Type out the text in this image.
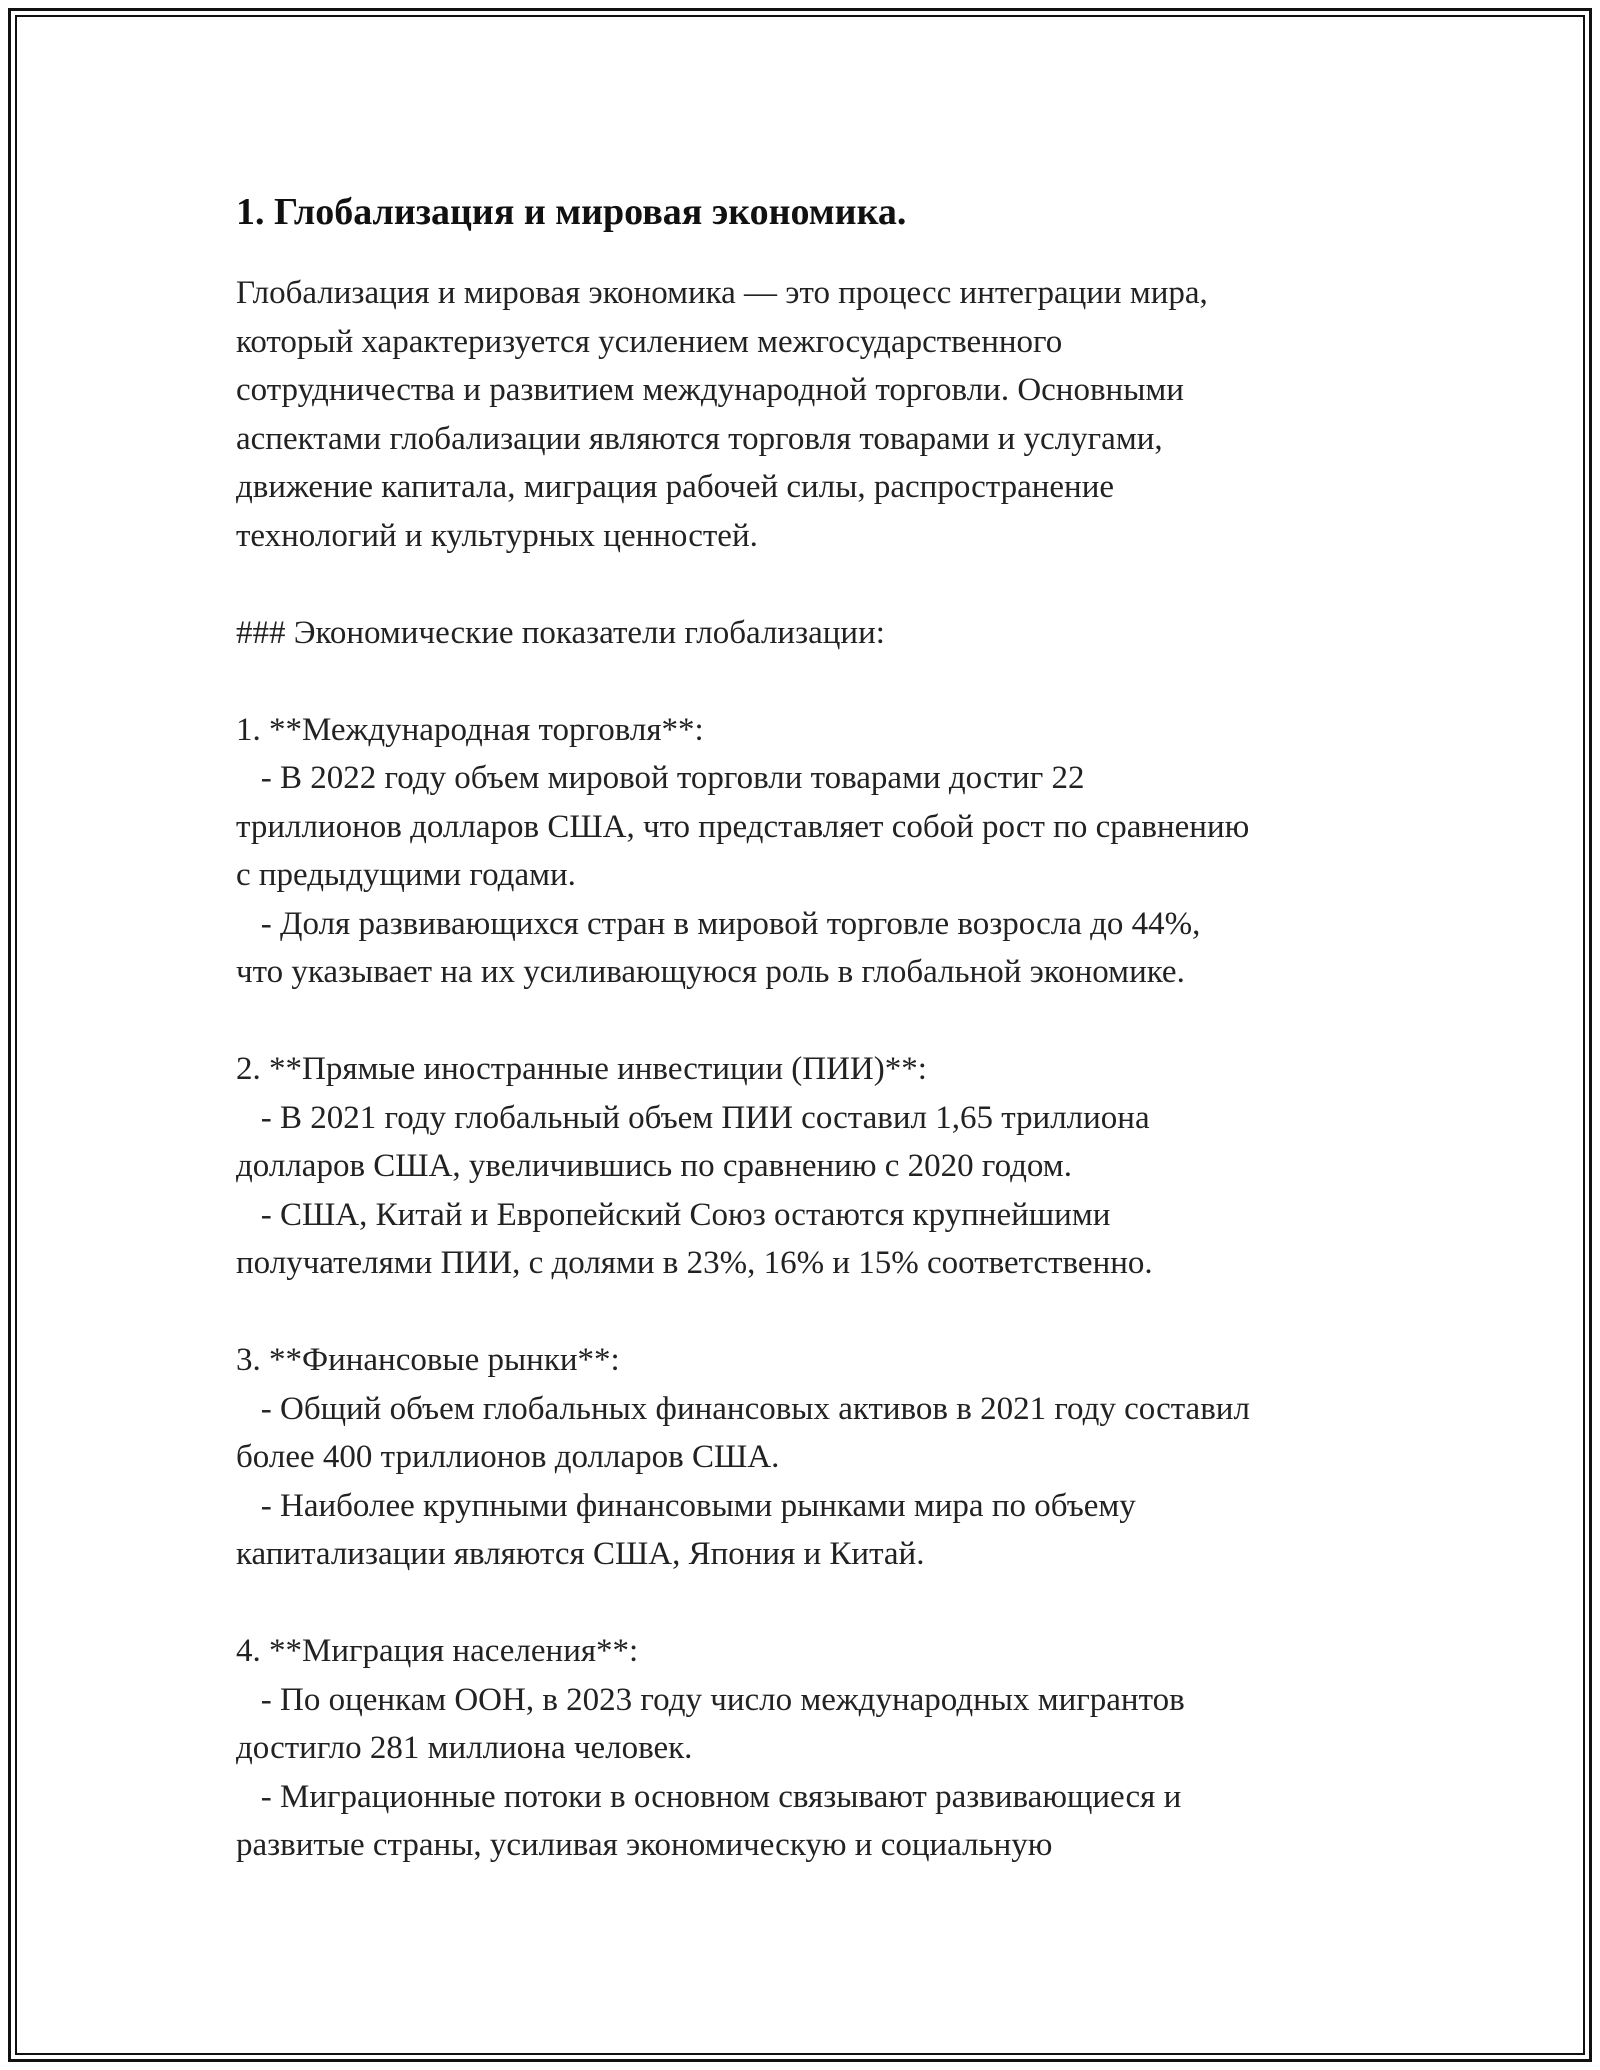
1. Глобализация и мировая экономика.

Глобализация и мировая экономика — это процесс интеграции мира,
который характеризуется усилением межгосударственного
сотрудничества и развитием международной торговли. Основными
аспектами глобализации являются торговля товарами и услугами,
движение капитала, миграция рабочей силы, распространение
технологий и культурных ценностей.

### Экономические показатели глобализации:

1. **Международная торговля**:

- В 2022 году объем мировой торговли товарами достиг 22
триллионов долларов США, что представляет собой рост по сравнению
с предыдущими годами.

- Доля развивающихся стран в мировой торговле возросла до 44%,
что указывает на их усиливающуюся роль в глобальной экономике.

2. **Прямые иностранные инвестиции (ПИИ)**:

- В 2021 году глобальный объем ПИИ составил 1,65 триллиона
долларов США, увеличившись по сравнению с 2020 годом.

- США, Китай и Европейский Союз остаются крупнейшими
получателями ПИИ, с долями в 23%, 16% и 15% соответственно.

3. **Финансовые рынки**:

- Общий объем глобальных финансовых активов в 2021 году составил
более 400 триллионов долларов США.

- Наиболее крупными финансовыми рынками мира по объему
капитализации являются США, Япония и Китай.

4. **Миграция населения**:

- По оценкам ООН, в 2023 году число международных мигрантов
достигло 281 миллиона человек.

- Миграционные потоки в основном связывают развивающиеся и
развитые страны, усиливая экономическую и социальную
